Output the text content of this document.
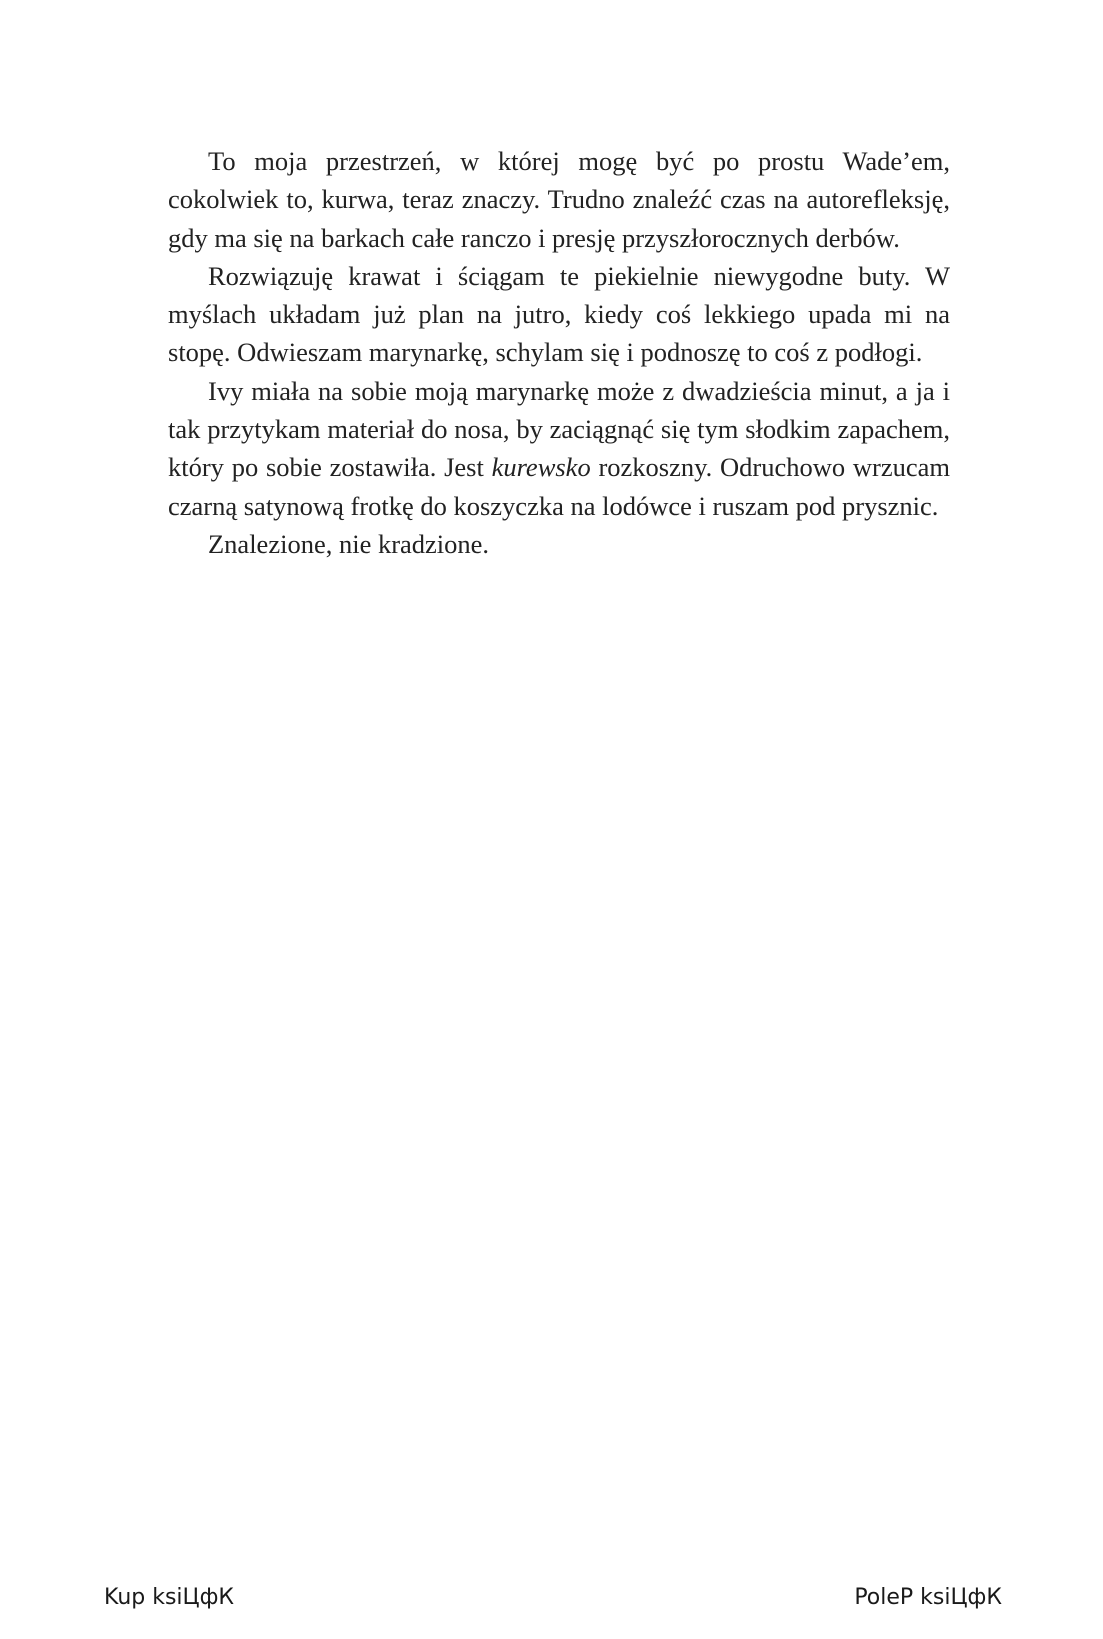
To moja przestrzeń, w której mogę być po prostu Wade’em, cokolwiek to, kurwa, teraz znaczy. Trudno znaleźć czas na autorefleksję, gdy ma się na barkach całe ranczo i presję przyszłorocznych derbów.

Rozwiązuję krawat i ściągam te piekielnie niewygodne buty. W myślach układam już plan na jutro, kiedy coś lekkiego upada mi na stopę. Odwieszam marynarkę, schylam się i podnoszę to coś z podłogi.

Ivy miała na sobie moją marynarkę może z dwadzieścia minut, a ja i tak przytykam materiał do nosa, by zaciągnąć się tym słodkim zapachem, który po sobie zostawiła. Jest kurewsko rozkoszny. Odruchowo wrzucam czarną satynową frotkę do koszyczka na lodówce i ruszam pod prysznic.

Znalezione, nie kradzione.

Kup ksiЦфК	PoleP ksiЦфК
